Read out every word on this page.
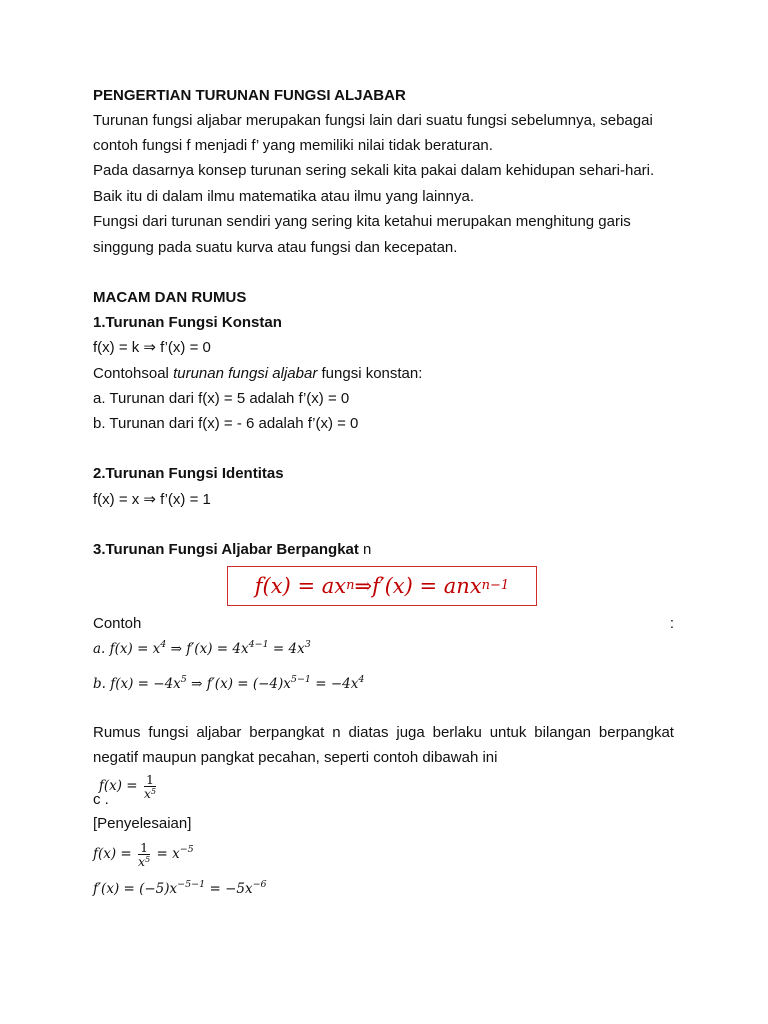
PENGERTIAN TURUNAN FUNGSI ALJABAR
Turunan fungsi aljabar merupakan fungsi lain dari suatu fungsi sebelumnya, sebagai
contoh fungsi f menjadi f’ yang memiliki nilai tidak beraturan.
Pada dasarnya konsep turunan sering sekali kita pakai dalam kehidupan sehari-hari.
Baik itu di dalam ilmu matematika atau ilmu yang lainnya.
Fungsi dari turunan sendiri yang sering kita ketahui merupakan menghitung garis
singgung pada suatu kurva atau fungsi dan kecepatan.
MACAM DAN RUMUS
1.Turunan Fungsi Konstan
f(x) = k ⇒ f’(x) = 0
Contohsoal turunan fungsi aljabar fungsi konstan:
a. Turunan dari f(x) = 5 adalah f’(x) = 0
b. Turunan dari f(x) = - 6 adalah f’(x) = 0
2.Turunan Fungsi Identitas
f(x) = x ⇒ f’(x) = 1
3.Turunan Fungsi Aljabar Berpangkat n
f(x) = ax n ⇒ f′(x) = anx n−1
Contoh	:
a. $f(x) = x^4$ ⇒ $f'(x) = 4x^{4-1} = 4x^3$
b. $f(x) = -4x^5$ ⇒ $f'(x) = (-4)x^{5-1} = -4x^4$
Rumus fungsi aljabar berpangkat n diatas juga berlaku untuk bilangan berpangkat
negatif maupun pangkat pecahan, seperti contoh dibawah ini
c $.f(x) = \frac{1}{x^5}$
[Penyelesaian]
$f(x) = \frac{1}{x^5} = x^{-5}$
$f'(x) = (-5)x^{-5-1} = -5x^{-6}$
